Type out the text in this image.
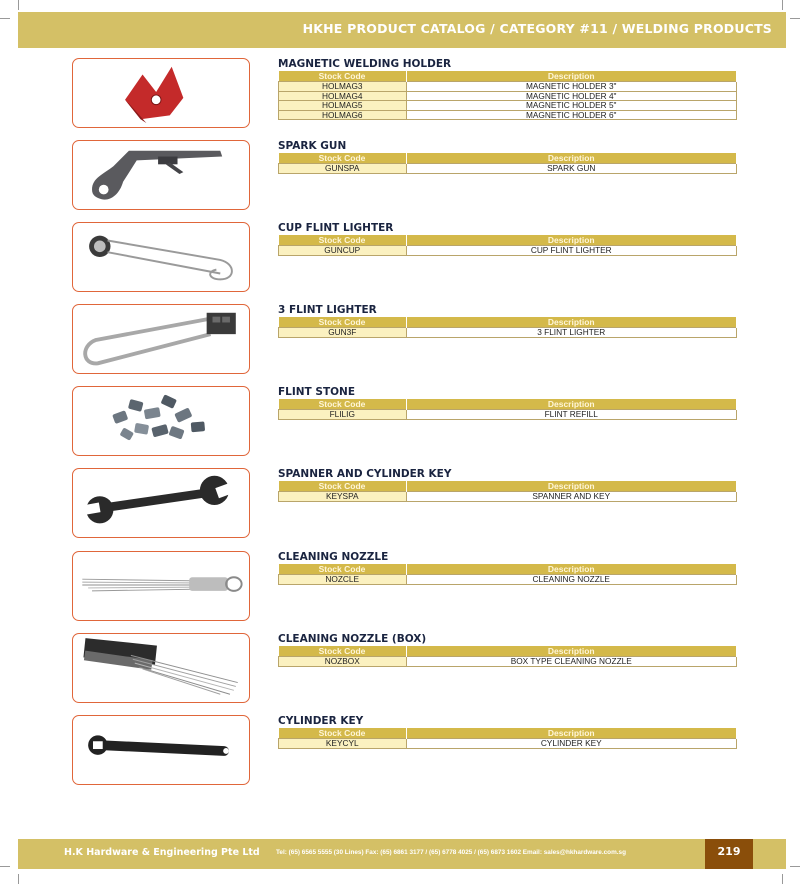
HKHE PRODUCT CATALOG / CATEGORY #11 / WELDING PRODUCTS
MAGNETIC WELDING HOLDER
Stock Code	Description
HOLMAG3	MAGNETIC HOLDER 3"
HOLMAG4	MAGNETIC HOLDER 4"
HOLMAG5	MAGNETIC HOLDER 5"
HOLMAG6	MAGNETIC HOLDER 6"
SPARK GUN
Stock Code	Description
GUNSPA	SPARK GUN
CUP FLINT LIGHTER
Stock Code	Description
GUNCUP	CUP FLINT LIGHTER
3 FLINT LIGHTER
Stock Code	Description
GUN3F	3 FLINT LIGHTER
FLINT STONE
Stock Code	Description
FLILIG	FLINT REFILL
SPANNER AND CYLINDER KEY
Stock Code	Description
KEYSPA	SPANNER AND KEY
CLEANING NOZZLE
Stock Code	Description
NOZCLE	CLEANING NOZZLE
CLEANING NOZZLE (BOX)
Stock Code	Description
NOZBOX	BOX TYPE CLEANING NOZZLE
CYLINDER KEY
Stock Code	Description
KEYCYL	CYLINDER KEY
H.K Hardware & Engineering Pte Ltd	Tel: (65) 6565 5555 (30 Lines) Fax: (65) 6861 3177 / (65) 6778 4025 / (65) 6873 1602 Email: sales@hkhardware.com.sg	219
